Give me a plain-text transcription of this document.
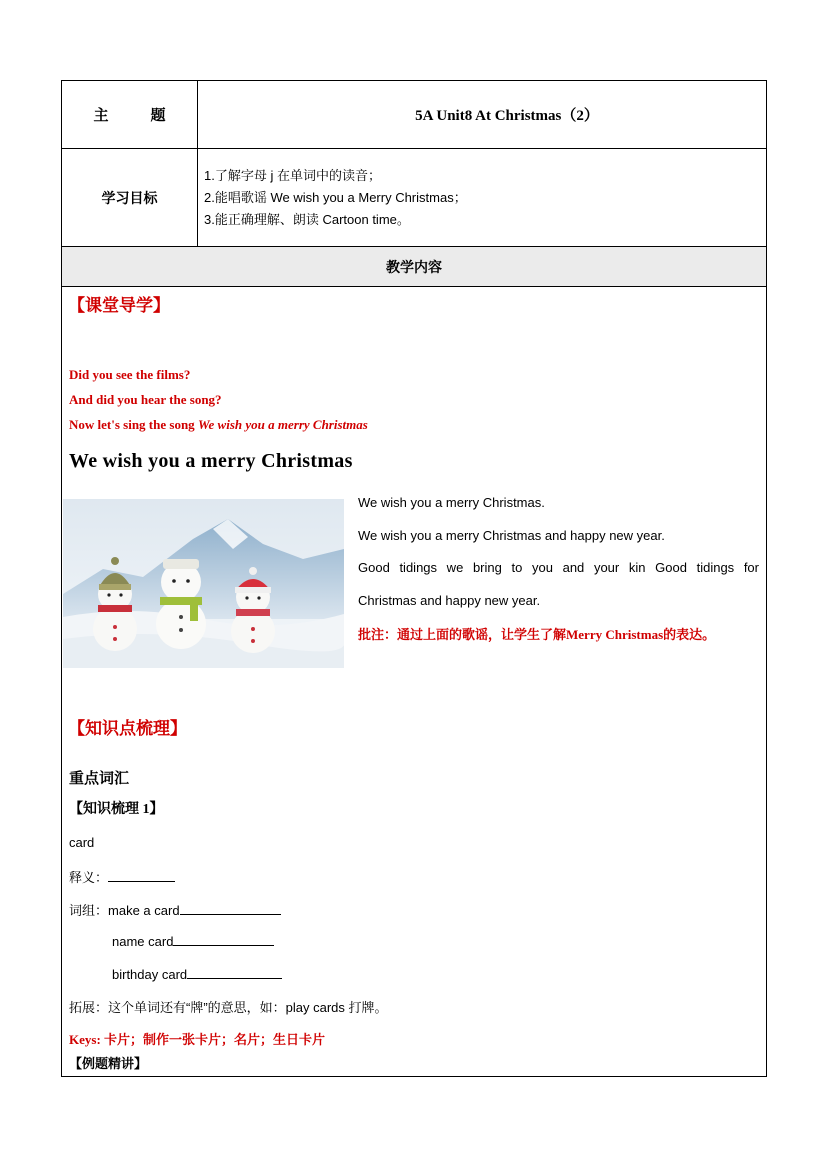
主	题	5A Unit8 At Christmas（2）
学习目标
1.了解字母 j 在单词中的读音；
2.能唱歌谣 We wish you a Merry Christmas；
3.能正确理解、朗读 Cartoon time。
教学内容
【课堂导学】
Did you see the films?
And did you hear the song?
Now let's sing the song We wish you a merry Christmas
We wish you a merry Christmas
We wish you a merry Christmas.
We wish you a merry Christmas and happy new year.
Good tidings we bring to you and your kin Good tidings for
Christmas and happy new year.
批注：通过上面的歌谣，让学生了解Merry Christmas的表达。
【知识点梳理】
重点词汇
【知识梳理 1】
card
释义：
词组：make a card
name card
birthday card
拓展：这个单词还有“牌”的意思，如：play cards 打牌。
Keys: 卡片；制作一张卡片；名片；生日卡片
【例题精讲】
